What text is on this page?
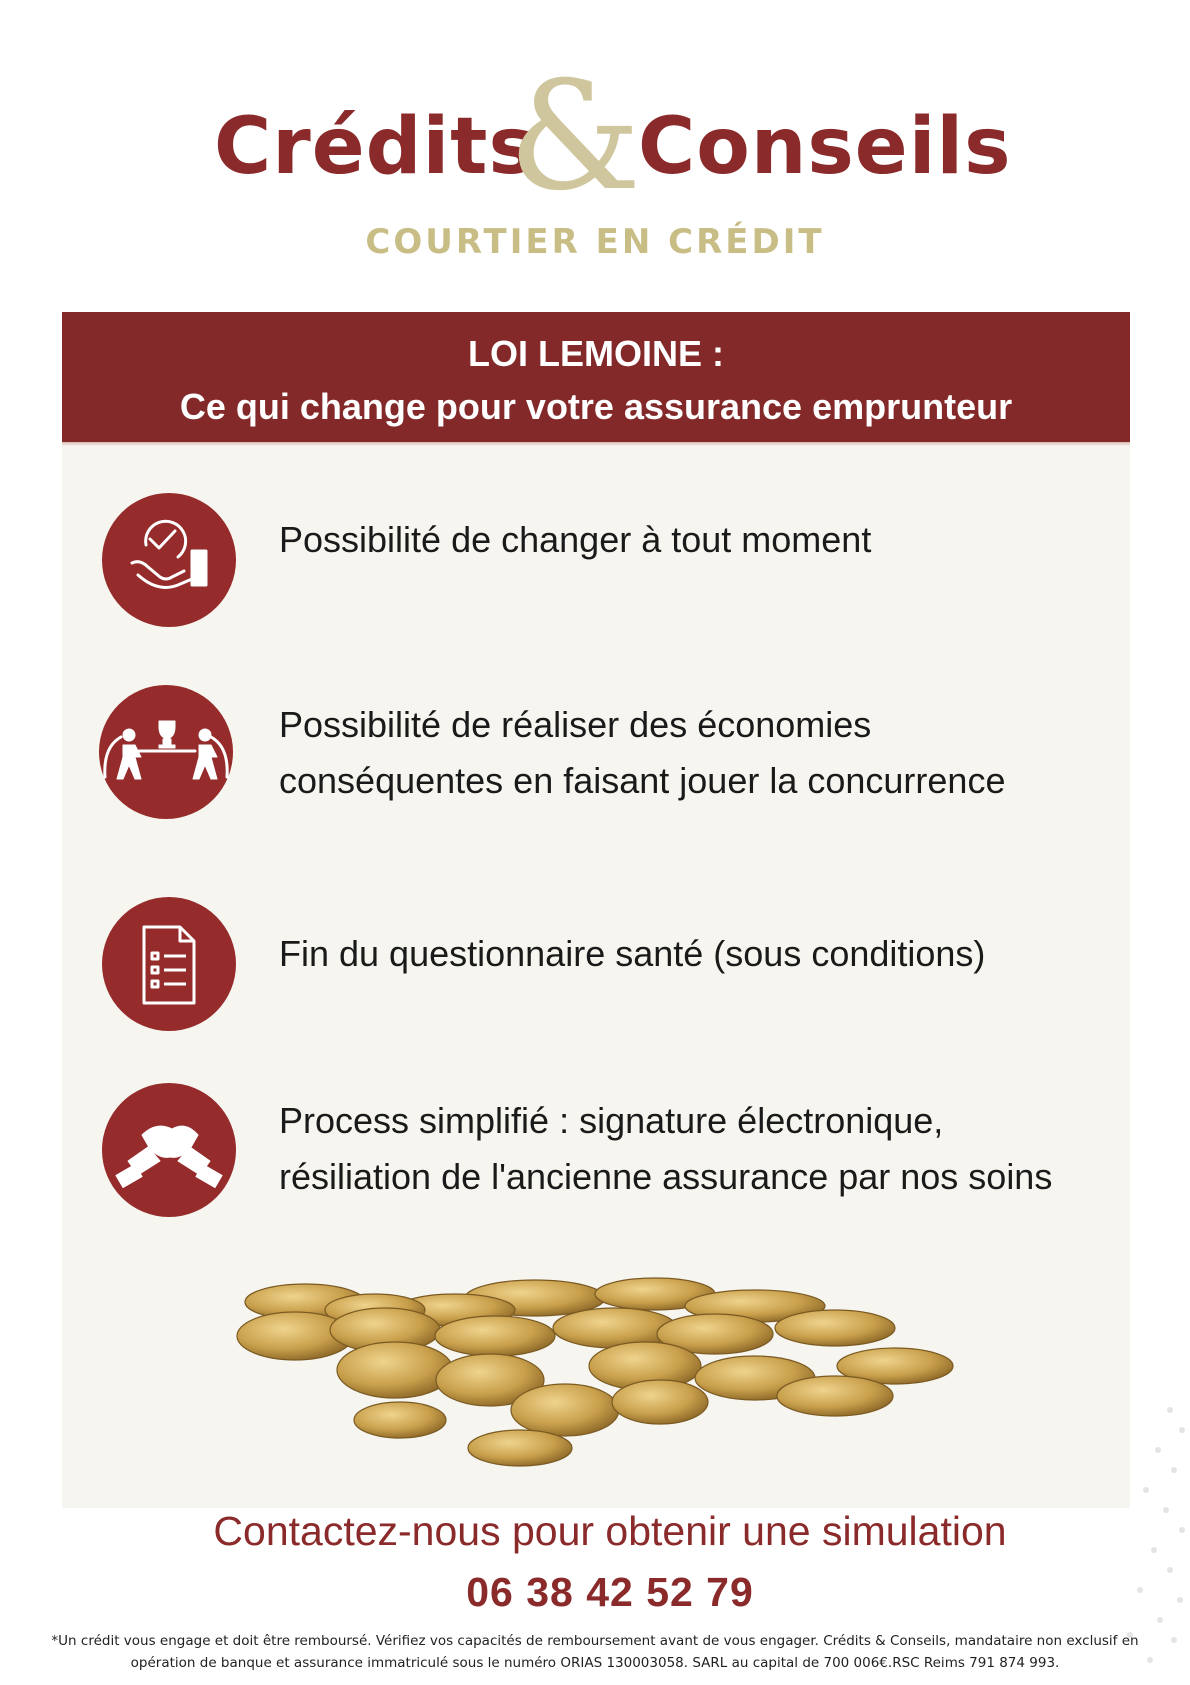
Crédits
&
Conseils
COURTIER EN CRÉDIT
LOI LEMOINE :
Ce qui change pour votre assurance emprunteur
Possibilité de changer à tout moment
Possibilité de réaliser des économies conséquentes en faisant jouer la concurrence
Fin du questionnaire santé (sous conditions)
Process simplifié : signature électronique, résiliation de l'ancienne assurance par nos soins
Contactez-nous pour obtenir une simulation
06 38 42 52 79
*Un crédit vous engage et doit être remboursé. Vérifiez vos capacités de remboursement avant de vous engager. Crédits & Conseils, mandataire non exclusif en opération de banque et assurance immatriculé sous le numéro ORIAS 130003058. SARL au capital de 700 006€.RSC Reims 791 874 993.
